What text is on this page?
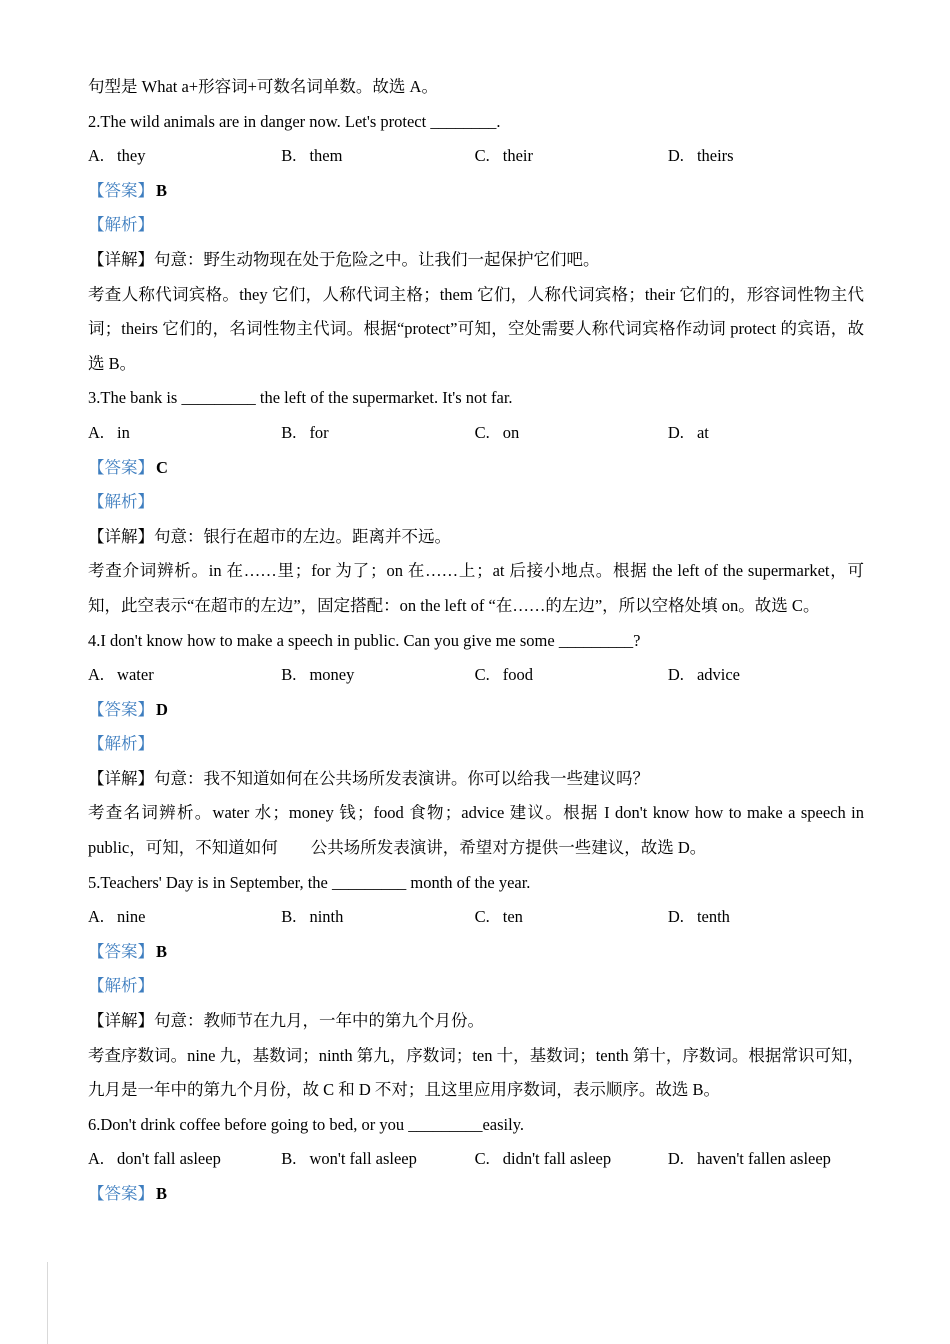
句型是 What a+形容词+可数名词单数。故选 A。

2.The wild animals are in danger now. Let's protect ________.

A. they	B. them	C. their	D. theirs

【答案】 B

【解析】

【详解】句意：野生动物现在处于危险之中。让我们一起保护它们吧。

考查人称代词宾格。they 它们，人称代词主格；them 它们，人称代词宾格；their 它们的，形容词性物主代词；theirs 它们的，名词性物主代词。根据“protect”可知，空处需要人称代词宾格作动词 protect 的宾语，故选 B。

3.The bank is _________ the left of the supermarket. It's not far.

A. in	B. for	C. on	D. at

【答案】 C

【解析】

【详解】句意：银行在超市的左边。距离并不远。

考查介词辨析。in 在……里；for 为了；on 在……上；at 后接小地点。根据 the left of the supermarket，可知，此空表示“在超市的左边”，固定搭配：on the left of “在……的左边”，所以空格处填 on。故选 C。

4.I don't know how to make a speech in public. Can you give me some _________?

A. water	B. money	C. food	D. advice

【答案】 D

【解析】

【详解】句意：我不知道如何在公共场所发表演讲。你可以给我一些建议吗？

考查名词辨析。water 水；money 钱；food 食物；advice 建议。根据 I don't know how to make a speech in public，可知，不知道如何　　公共场所发表演讲，希望对方提供一些建议，故选 D。

5.Teachers' Day is in September, the _________ month of the year.

A. nine	B. ninth	C. ten	D. tenth

【答案】 B

【解析】

【详解】句意：教师节在九月，一年中的第九个月份。

考查序数词。nine 九，基数词；ninth 第九，序数词；ten 十，基数词；tenth 第十，序数词。根据常识可知，九月是一年中的第九个月份，故 C 和 D 不对；且这里应用序数词，表示顺序。故选 B。

6.Don't drink coffee before going to bed, or you _________easily.

A. don't fall asleep	B. won't fall asleep	C. didn't fall asleep	D. haven't fallen asleep

【答案】 B
